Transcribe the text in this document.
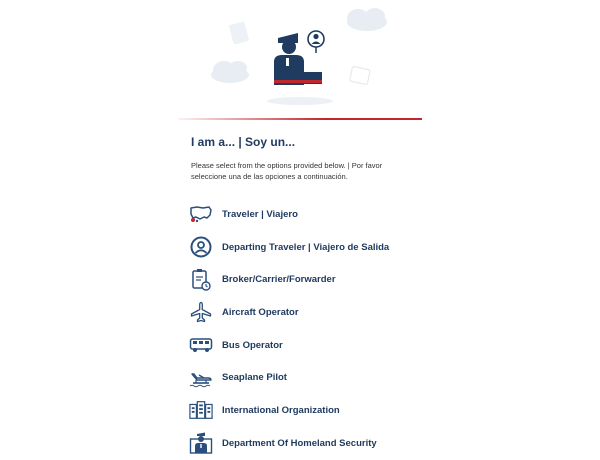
I am a... | Soy un...

Please select from the options provided below. | Por favor seleccione una de las opciones a continuación.

Traveler | Viajero
Departing Traveler | Viajero de Salida
Broker/Carrier/Forwarder
Aircraft Operator
Bus Operator
Seaplane Pilot
International Organization
Department Of Homeland Security
